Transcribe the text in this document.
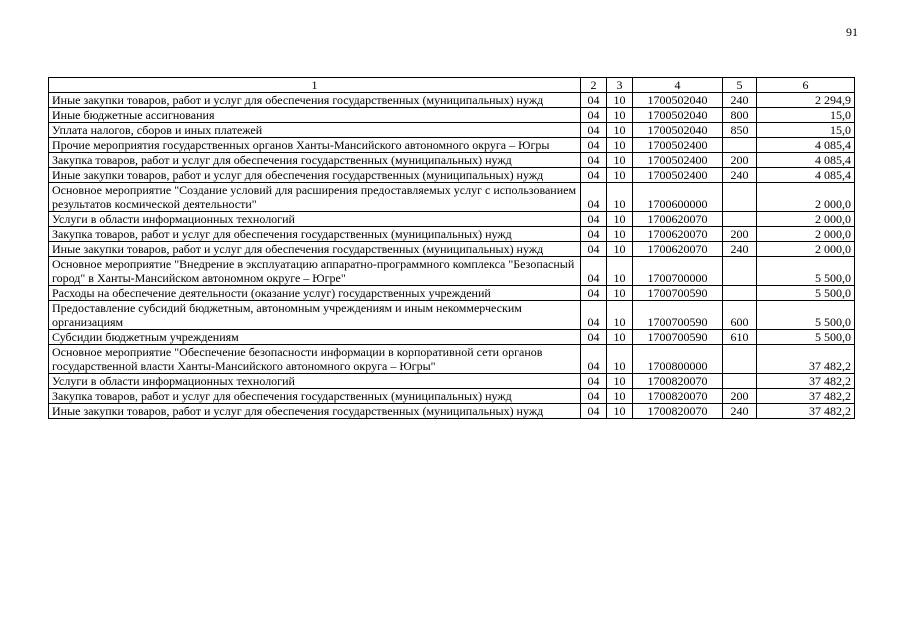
91
1	2	3	4	5	6
Иные закупки товаров, работ и услуг для обеспечения государственных (муниципальных) нужд	04	10	1700502040	240	2 294,9
Иные бюджетные ассигнования	04	10	1700502040	800	15,0
Уплата налогов, сборов и иных платежей	04	10	1700502040	850	15,0
Прочие мероприятия государственных органов Ханты-Мансийского автономного округа – Югры	04	10	1700502400		4 085,4
Закупка товаров, работ и услуг для обеспечения государственных (муниципальных) нужд	04	10	1700502400	200	4 085,4
Иные закупки товаров, работ и услуг для обеспечения государственных (муниципальных) нужд	04	10	1700502400	240	4 085,4
Основное мероприятие "Создание условий для расширения предоставляемых услуг с использованием результатов космической деятельности"	04	10	1700600000		2 000,0
Услуги в области информационных технологий	04	10	1700620070		2 000,0
Закупка товаров, работ и услуг для обеспечения государственных (муниципальных) нужд	04	10	1700620070	200	2 000,0
Иные закупки товаров, работ и услуг для обеспечения государственных (муниципальных) нужд	04	10	1700620070	240	2 000,0
Основное мероприятие "Внедрение в эксплуатацию аппаратно-программного комплекса "Безопасный город" в Ханты-Мансийском автономном округе – Югре"	04	10	1700700000		5 500,0
Расходы на обеспечение деятельности (оказание услуг) государственных учреждений	04	10	1700700590		5 500,0
Предоставление субсидий бюджетным, автономным учреждениям и иным некоммерческим организациям	04	10	1700700590	600	5 500,0
Субсидии бюджетным учреждениям	04	10	1700700590	610	5 500,0
Основное мероприятие "Обеспечение безопасности информации в корпоративной сети органов государственной власти Ханты-Мансийского автономного округа – Югры"	04	10	1700800000		37 482,2
Услуги в области информационных технологий	04	10	1700820070		37 482,2
Закупка товаров, работ и услуг для обеспечения государственных (муниципальных) нужд	04	10	1700820070	200	37 482,2
Иные закупки товаров, работ и услуг для обеспечения государственных (муниципальных) нужд	04	10	1700820070	240	37 482,2
